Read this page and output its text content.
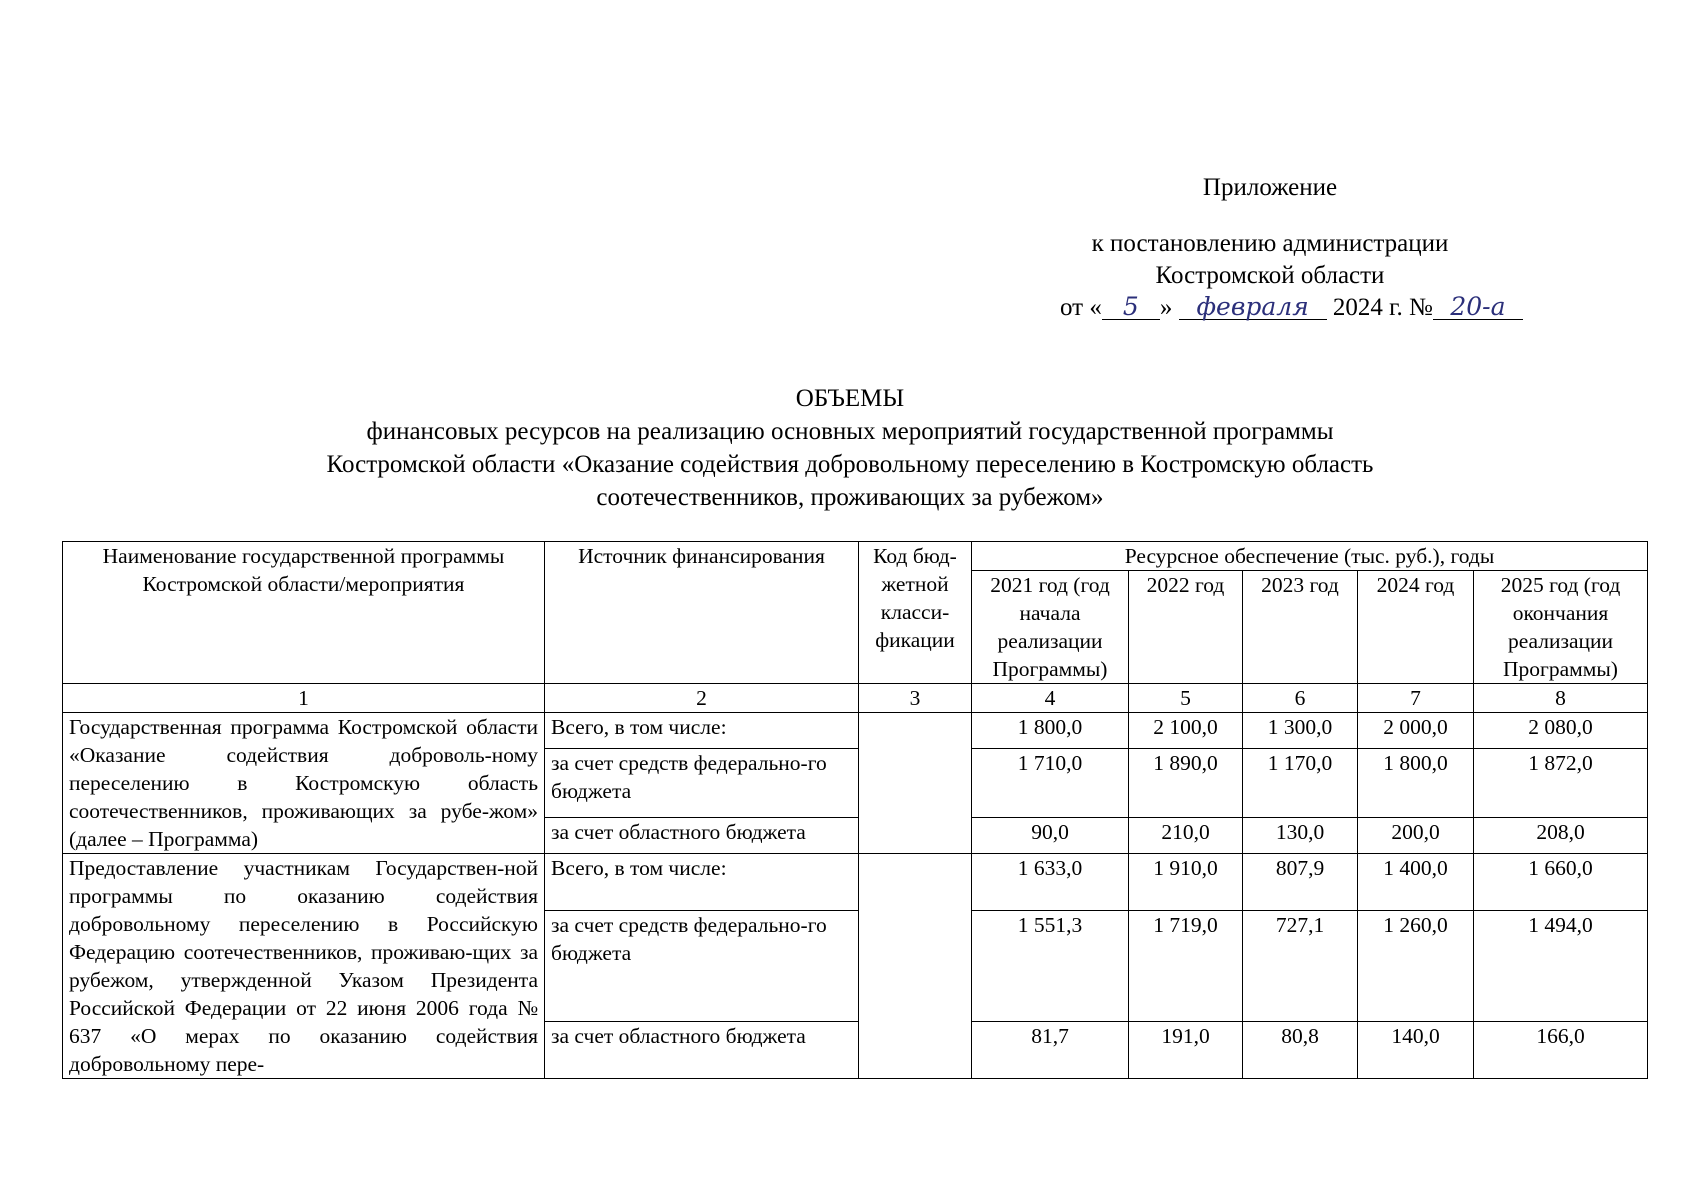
Приложение
к постановлению администрации
Костромской области
от « 5 » февраля 2024 г. № 20-а
ОБЪЕМЫ
финансовых ресурсов на реализацию основных мероприятий государственной программы
Костромской области «Оказание содействия добровольному переселению в Костромскую область
соотечественников, проживающих за рубежом»
Наименование государственной программы Костромской области/мероприятия	Источник финансирования	Код бюд-жетной класси-фикации	Ресурсное обеспечение (тыс. руб.), годы				
			2021 год (год начала реализации Программы)	2022 год	2023 год	2024 год	2025 год (год окончания реализации Программы)
1	2	3	4	5	6	7	8
Государственная программа Костромской области «Оказание содействия доброволь-ному переселению в Костромскую область соотечественников, проживающих за рубе-жом» (далее – Программа)	Всего, в том числе:		1 800,0	2 100,0	1 300,0	2 000,0	2 080,0
	за счет средств федерально-го бюджета		1 710,0	1 890,0	1 170,0	1 800,0	1 872,0
	за счет областного бюджета		90,0	210,0	130,0	200,0	208,0
Предоставление участникам Государствен-ной программы по оказанию содействия добровольному переселению в Российскую Федерацию соотечественников, проживаю-щих за рубежом, утвержденной Указом Президента Российской Федерации от 22 июня 2006 года № 637 «О мерах по оказанию содействия добровольному пере-	Всего, в том числе:		1 633,0	1 910,0	807,9	1 400,0	1 660,0
	за счет средств федерально-го бюджета		1 551,3	1 719,0	727,1	1 260,0	1 494,0
	за счет областного бюджета		81,7	191,0	80,8	140,0	166,0
